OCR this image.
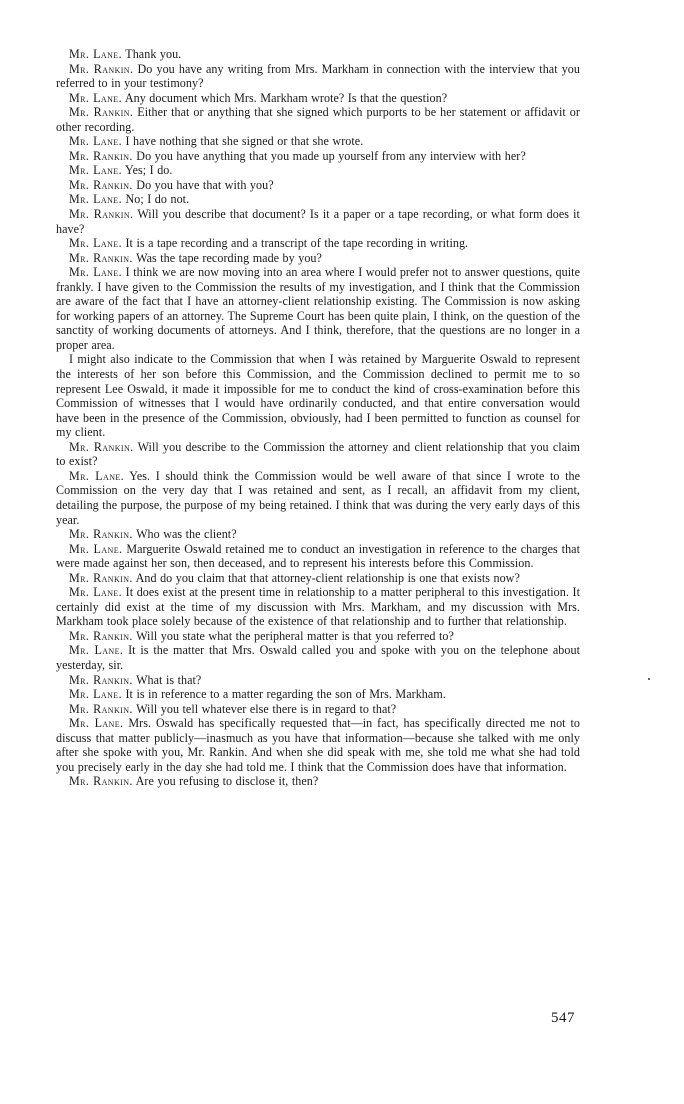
Mr. Lane. Thank you.

Mr. Rankin. Do you have any writing from Mrs. Markham in connection with the interview that you referred to in your testimony?

Mr. Lane. Any document which Mrs. Markham wrote? Is that the question?

Mr. Rankin. Either that or anything that she signed which purports to be her statement or affidavit or other recording.

Mr. Lane. I have nothing that she signed or that she wrote.

Mr. Rankin. Do you have anything that you made up yourself from any interview with her?

Mr. Lane. Yes; I do.

Mr. Rankin. Do you have that with you?

Mr. Lane. No; I do not.

Mr. Rankin. Will you describe that document? Is it a paper or a tape recording, or what form does it have?

Mr. Lane. It is a tape recording and a transcript of the tape recording in writing.

Mr. Rankin. Was the tape recording made by you?

Mr. Lane. I think we are now moving into an area where I would prefer not to answer questions, quite frankly. I have given to the Commission the results of my investigation, and I think that the Commission are aware of the fact that I have an attorney-client relationship existing. The Commission is now asking for working papers of an attorney. The Supreme Court has been quite plain, I think, on the question of the sanctity of working documents of attorneys. And I think, therefore, that the questions are no longer in a proper area.

I might also indicate to the Commission that when I wàs retained by Marguerite Oswald to represent the interests of her son before this Commission, and the Commission declined to permit me to so represent Lee Oswald, it made it impossible for me to conduct the kind of cross-examination before this Commission of witnesses that I would have ordinarily conducted, and that entire conversation would have been in the presence of the Commission, obviously, had I been permitted to function as counsel for my client.

Mr. Rankin. Will you describe to the Commission the attorney and client relationship that you claim to exist?

Mr. Lane. Yes. I should think the Commission would be well aware of that since I wrote to the Commission on the very day that I was retained and sent, as I recall, an affidavit from my client, detailing the purpose, the purpose of my being retained. I think that was during the very early days of this year.

Mr. Rankin. Who was the client?

Mr. Lane. Marguerite Oswald retained me to conduct an investigation in reference to the charges that were made against her son, then deceased, and to represent his interests before this Commission.

Mr. Rankin. And do you claim that that attorney-client relationship is one that exists now?

Mr. Lane. It does exist at the present time in relationship to a matter peripheral to this investigation. It certainly did exist at the time of my discussion with Mrs. Markham, and my discussion with Mrs. Markham took place solely because of the existence of that relationship and to further that relationship.

Mr. Rankin. Will you state what the peripheral matter is that you referred to?

Mr. Lane. It is the matter that Mrs. Oswald called you and spoke with you on the telephone about yesterday, sir.

Mr. Rankin. What is that?

Mr. Lane. It is in reference to a matter regarding the son of Mrs. Markham.

Mr. Rankin. Will you tell whatever else there is in regard to that?

Mr. Lane. Mrs. Oswald has specifically requested that—in fact, has specifically directed me not to discuss that matter publicly—inasmuch as you have that information—because she talked with me only after she spoke with you, Mr. Rankin. And when she did speak with me, she told me what she had told you precisely early in the day she had told me. I think that the Commission does have that information.

Mr. Rankin. Are you refusing to disclose it, then?

547
